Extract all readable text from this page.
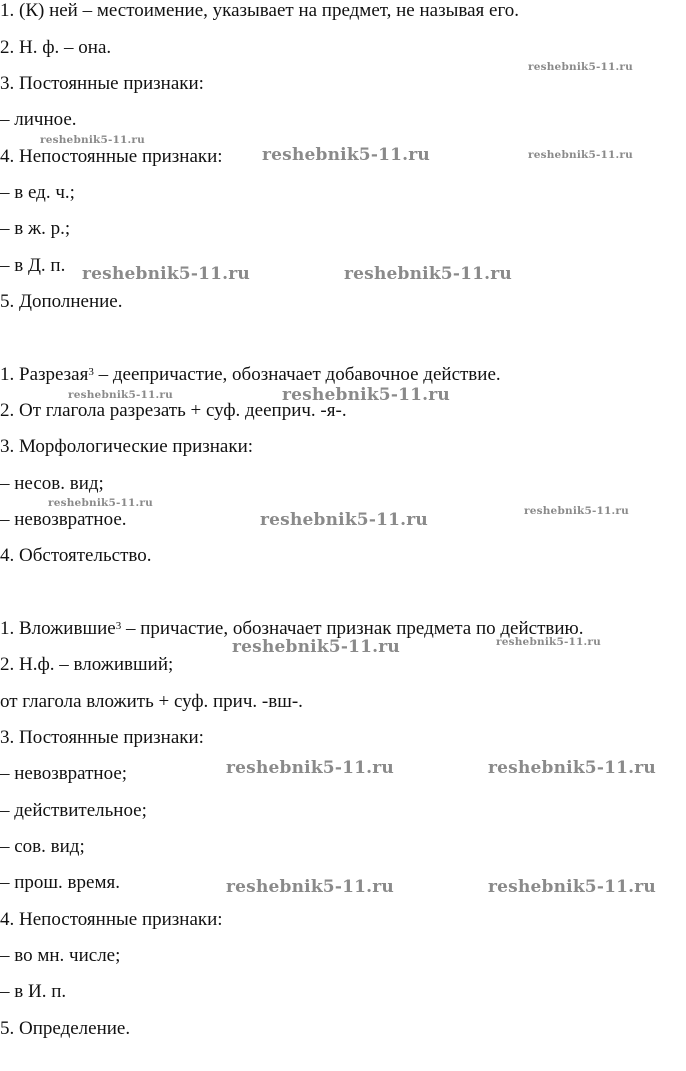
1. (К) ней – местоимение, указывает на предмет, не называя его.

2. Н. ф. – она.

3. Постоянные признаки:

– личное.

4. Непостоянные признаки:

– в ед. ч.;

– в ж. р.;

– в Д. п.

5. Дополнение.

1. Разрезая$^3$ – деепричастие, обозначает добавочное действие.

2. От глагола разрезать + суф. дееприч. -я-.

3. Морфологические признаки:

– несов. вид;

– невозвратное.

4. Обстоятельство.

1. Вложившие$^3$ – причастие, обозначает признак предмета по действию.

2. Н.ф. – вложивший;

от глагола вложить + суф. прич. -вш-.

3. Постоянные признаки:

– невозвратное;

– действительное;

– сов. вид;

– прош. время.

4. Непостоянные признаки:

– во мн. числе;

– в И. п.

5. Определение.

reshebnik5-11.ru
reshebnik5-11.ru
reshebnik5-11.ru	reshebnik5-11.ru
reshebnik5-11.ru	reshebnik5-11.ru
reshebnik5-11.ru	reshebnik5-11.ru
reshebnik5-11.ru
reshebnik5-11.ru	reshebnik5-11.ru
reshebnik5-11.ru	reshebnik5-11.ru
reshebnik5-11.ru	reshebnik5-11.ru
reshebnik5-11.ru	reshebnik5-11.ru
